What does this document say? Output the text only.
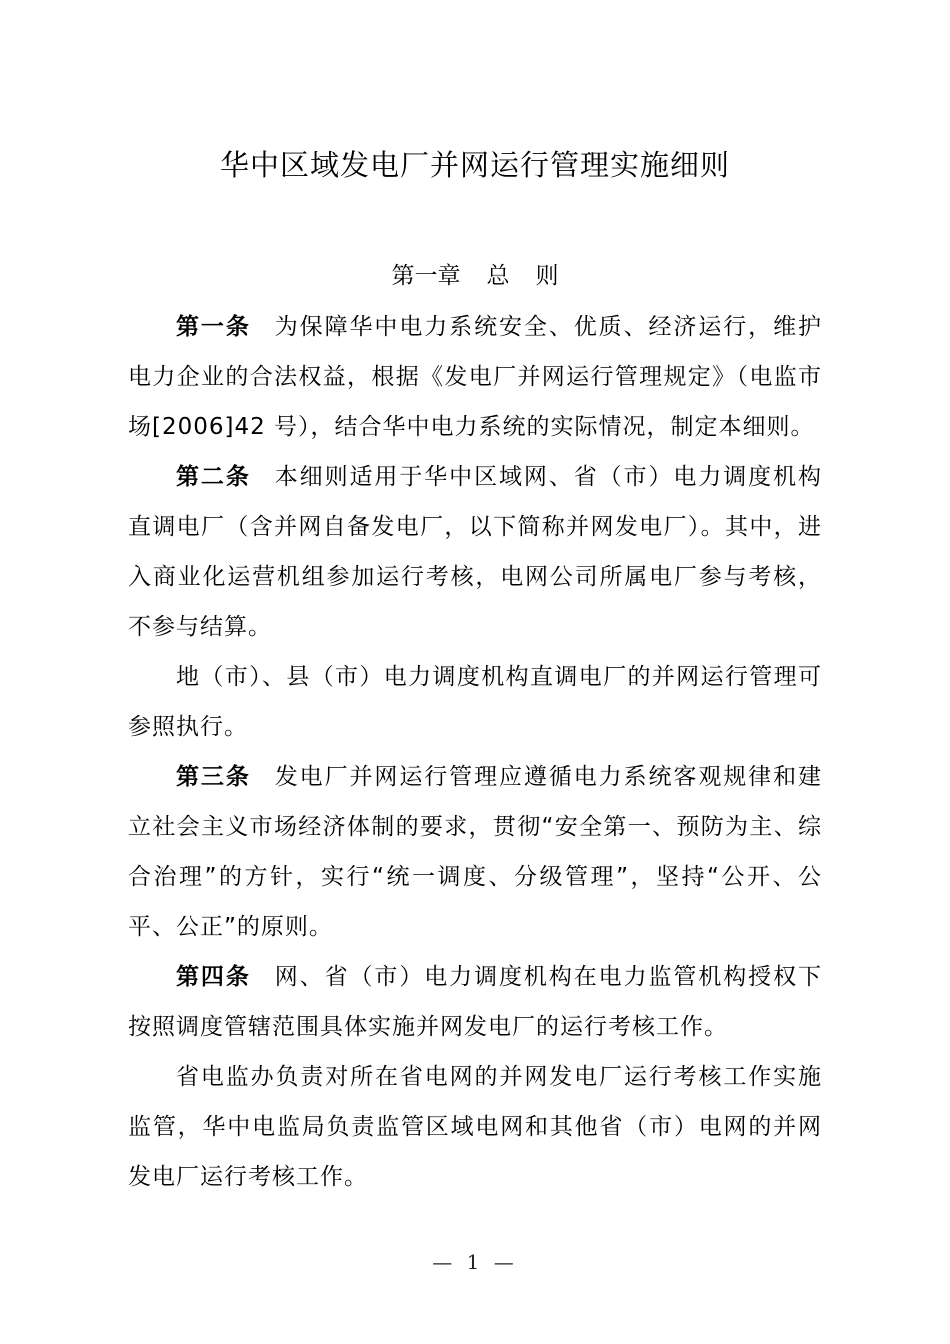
华中区域发电厂并网运行管理实施细则
第一章 总 则

第一条 为保障华中电力系统安全、优质、经济运行，维护电力企业的合法权益，根据《发电厂并网运行管理规定》（电监市场[2006]42 号），结合华中电力系统的实际情况，制定本细则。

第二条 本细则适用于华中区域网、省（市）电力调度机构直调电厂（含并网自备发电厂，以下简称并网发电厂）。其中，进入商业化运营机组参加运行考核，电网公司所属电厂参与考核，不参与结算。

地（市）、县（市）电力调度机构直调电厂的并网运行管理可参照执行。

第三条 发电厂并网运行管理应遵循电力系统客观规律和建立社会主义市场经济体制的要求，贯彻“安全第一、预防为主、综合治理”的方针，实行“统一调度、分级管理”，坚持“公开、公平、公正”的原则。

第四条 网、省（市）电力调度机构在电力监管机构授权下按照调度管辖范围具体实施并网发电厂的运行考核工作。

省电监办负责对所在省电网的并网发电厂运行考核工作实施监管，华中电监局负责监管区域电网和其他省（市）电网的并网发电厂运行考核工作。

— 1 —
